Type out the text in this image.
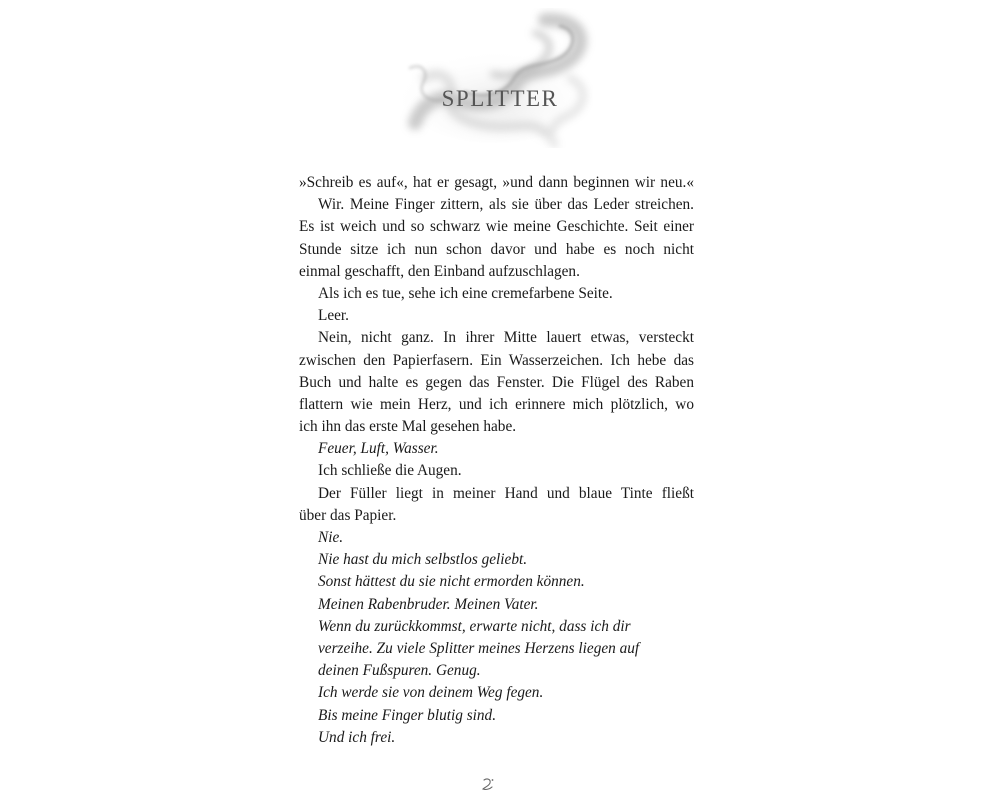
SPLITTER

»Schreib es auf«, hat er gesagt, »und dann beginnen wir neu.«

Wir. Meine Finger zittern, als sie über das Leder streichen.

Es ist weich und so schwarz wie meine Geschichte. Seit einer

Stunde sitze ich nun schon davor und habe es noch nicht

einmal geschafft, den Einband aufzuschlagen.

Als ich es tue, sehe ich eine cremefarbene Seite.

Leer.

Nein, nicht ganz. In ihrer Mitte lauert etwas, versteckt

zwischen den Papierfasern. Ein Wasserzeichen. Ich hebe das

Buch und halte es gegen das Fenster. Die Flügel des Raben

flattern wie mein Herz, und ich erinnere mich plötzlich, wo

ich ihn das erste Mal gesehen habe.

Feuer, Luft, Wasser.

Ich schließe die Augen.

Der Füller liegt in meiner Hand und blaue Tinte fließt

über das Papier.

Nie.

Nie hast du mich selbstlos geliebt.

Sonst hättest du sie nicht ermorden können.

Meinen Rabenbruder. Meinen Vater.

Wenn du zurückkommst, erwarte nicht, dass ich dir

verzeihe. Zu viele Splitter meines Herzens liegen auf

deinen Fußspuren. Genug.

Ich werde sie von deinem Weg fegen.

Bis meine Finger blutig sind.

Und ich frei.
